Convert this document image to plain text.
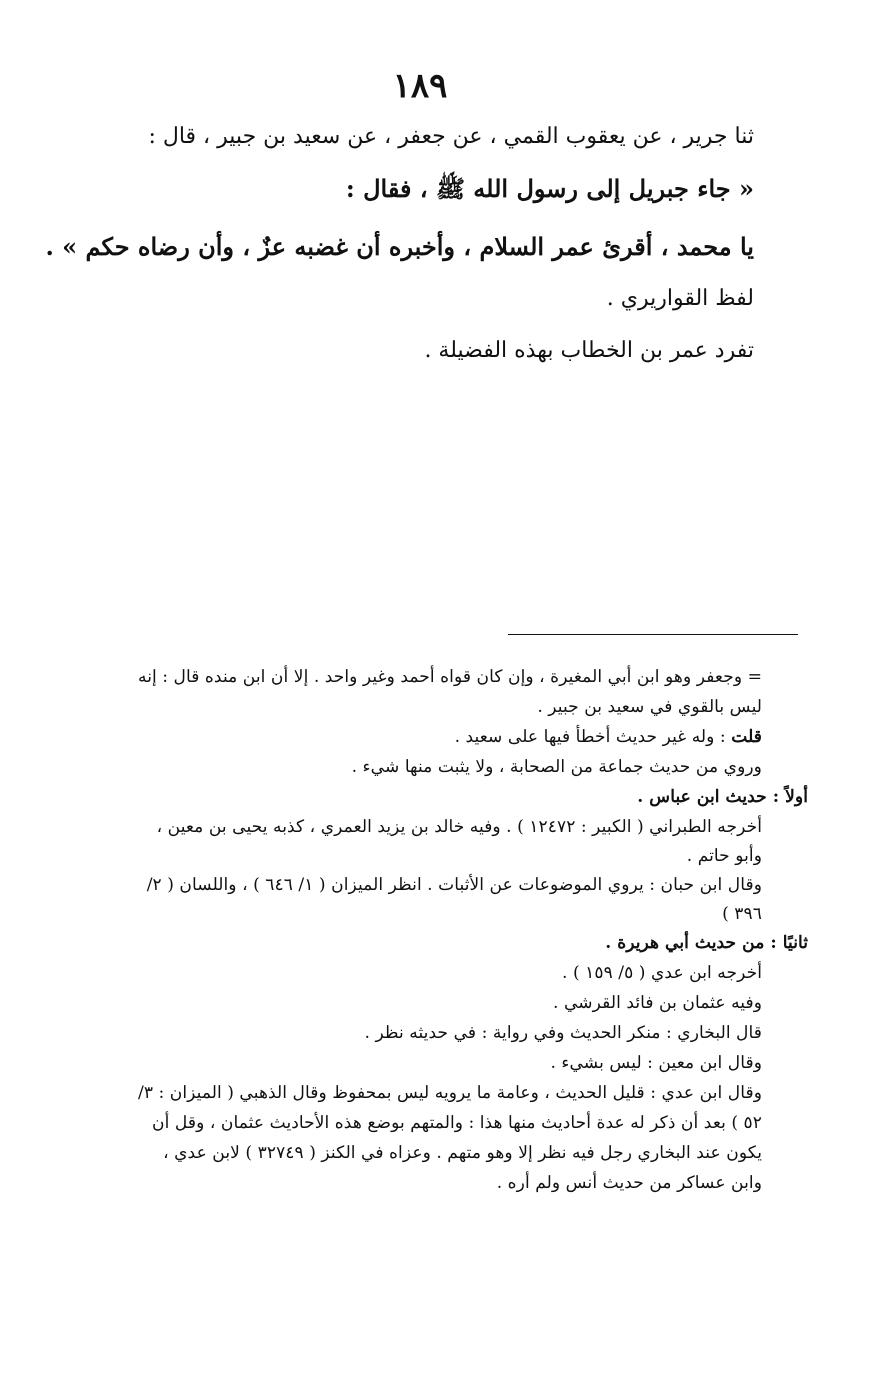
١٨٩
ثنا جرير ، عن يعقوب القمي ، عن جعفر ، عن سعيد بن جبير ، قال :
« جاء جبريل إلى رسول الله ﷺ ، فقال :
يا محمد ، أقرئ عمر السلام ، وأخبره أن غضبه عزٌ ، وأن رضاه حكم » .
لفظ القواريري .
تفرد عمر بن الخطاب بهذه الفضيلة .
= وجعفر وهو ابن أبي المغيرة ، وإن كان قواه أحمد وغير واحد . إلا أن ابن منده قال : إنه
ليس بالقوي في سعيد بن جبير .
قلت : وله غير حديث أخطأ فيها على سعيد .
وروي من حديث جماعة من الصحابة ، ولا يثبت منها شيء .
أولاً : حديث ابن عباس .
أخرجه الطبراني ( الكبير : ١٢٤٧٢ ) . وفيه خالد بن يزيد العمري ، كذبه يحيى بن معين ،
وأبو حاتم .
وقال ابن حبان : يروي الموضوعات عن الأثبات . انظر الميزان ( ١/ ٦٤٦ ) ، واللسان ( ٢/
٣٩٦ )
ثانيًا : من حديث أبي هريرة .
أخرجه ابن عدي ( ٥/ ١٥٩ ) .
وفيه عثمان بن فائد القرشي .
قال البخاري : منكر الحديث وفي رواية : في حديثه نظر .
وقال ابن معين : ليس بشيء .
وقال ابن عدي : قليل الحديث ، وعامة ما يرويه ليس بمحفوظ وقال الذهبي ( الميزان : ٣/
٥٢ ) بعد أن ذكر له عدة أحاديث منها هذا : والمتهم بوضع هذه الأحاديث عثمان ، وقل أن
يكون عند البخاري رجل فيه نظر إلا وهو متهم . وعزاه في الكنز ( ٣٢٧٤٩ ) لابن عدي ،
وابن عساكر من حديث أنس ولم أره .
